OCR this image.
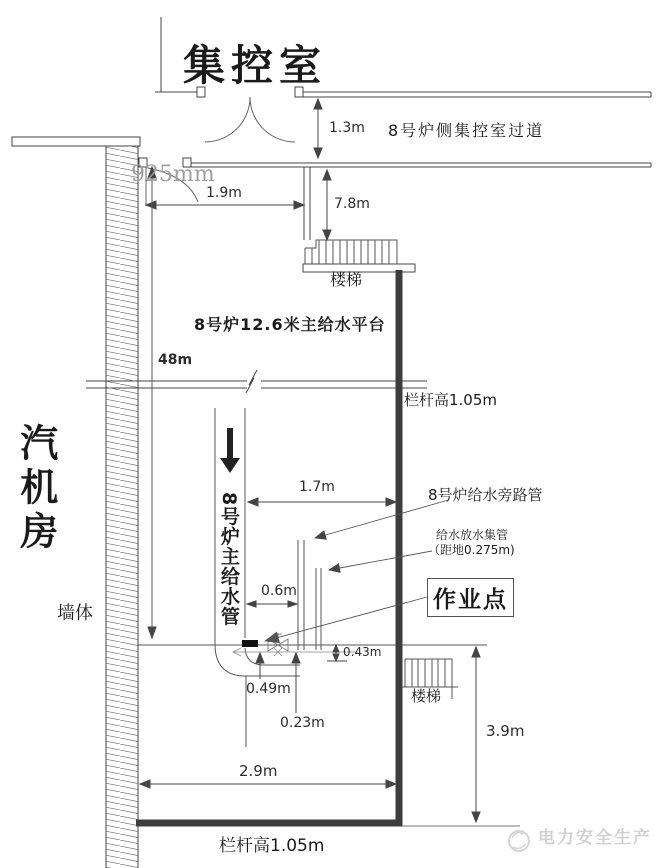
集控室
925mm
8号炉侧集控室过道
1.3m
1.9m
7.8m
楼梯
8号炉12.6米主给水平台
48m
栏杆高1.05m
汽机房
8号炉主给水管
1.7m	8号炉给水旁路管
给水放水集管
（距地0.275m)
作业点
0.6m
墙体
0.43m
0.49m
0.23m
楼梯
3.9m
2.9m
栏杆高1.05m	电力安全生产
